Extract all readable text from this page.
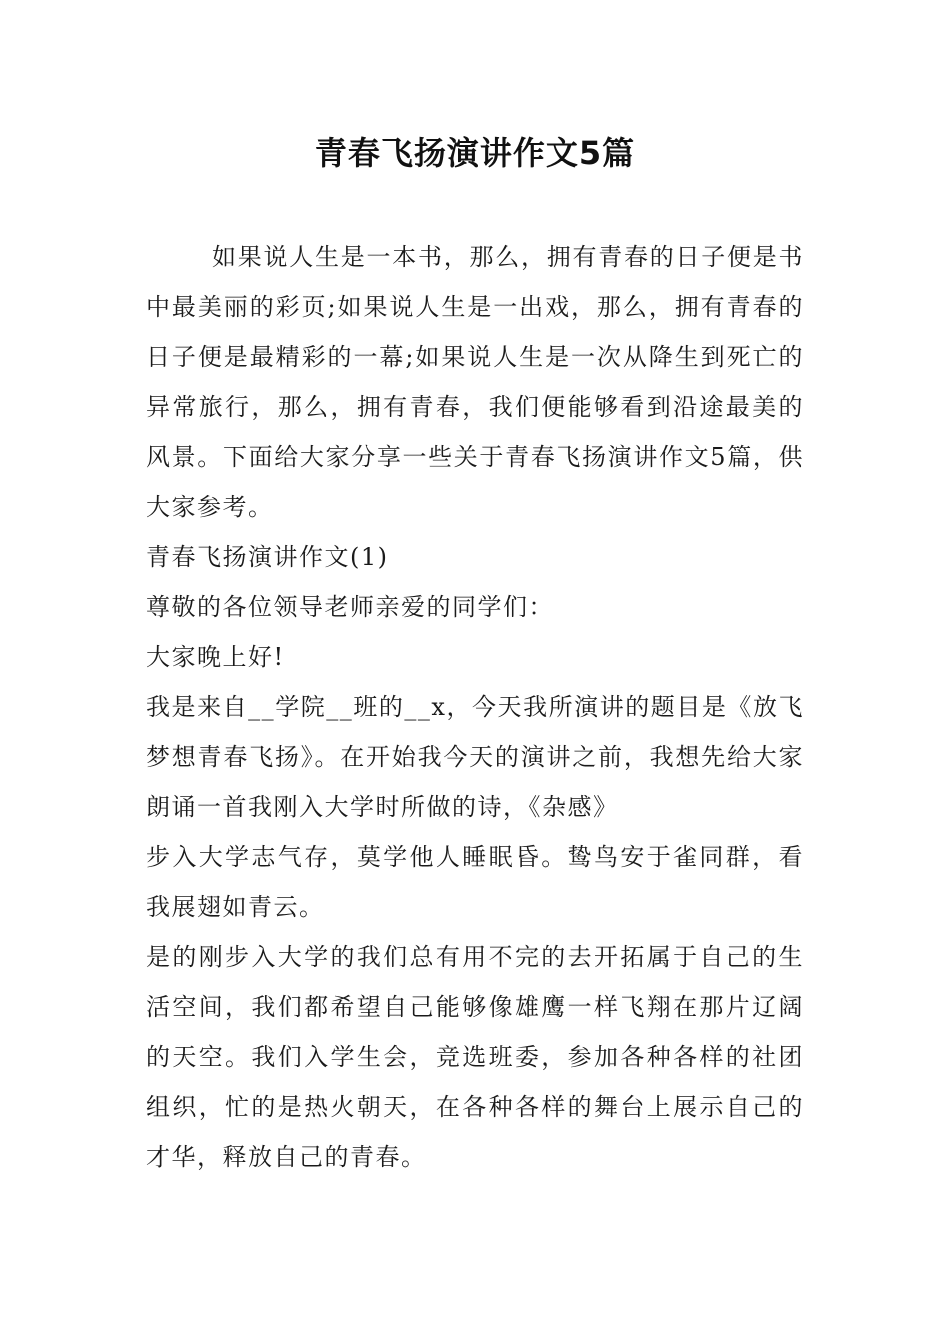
青春飞扬演讲作文5篇

如果说人生是一本书，那么，拥有青春的日子便是书中最美丽的彩页;如果说人生是一出戏，那么，拥有青春的日子便是最精彩的一幕;如果说人生是一次从降生到死亡的异常旅行，那么，拥有青春，我们便能够看到沿途最美的风景。下面给大家分享一些关于青春飞扬演讲作文5篇，供大家参考。

青春飞扬演讲作文(1)

尊敬的各位领导老师亲爱的同学们：

大家晚上好!

我是来自__学院__班的__x，今天我所演讲的题目是《放飞梦想青春飞扬》。在开始我今天的演讲之前，我想先给大家朗诵一首我刚入大学时所做的诗，《杂感》

步入大学志气存，莫学他人睡眠昏。鸷鸟安于雀同群，看我展翅如青云。

是的刚步入大学的我们总有用不完的去开拓属于自己的生活空间，我们都希望自己能够像雄鹰一样飞翔在那片辽阔的天空。我们入学生会，竞选班委，参加各种各样的社团组织，忙的是热火朝天，在各种各样的舞台上展示自己的才华，释放自己的青春。
